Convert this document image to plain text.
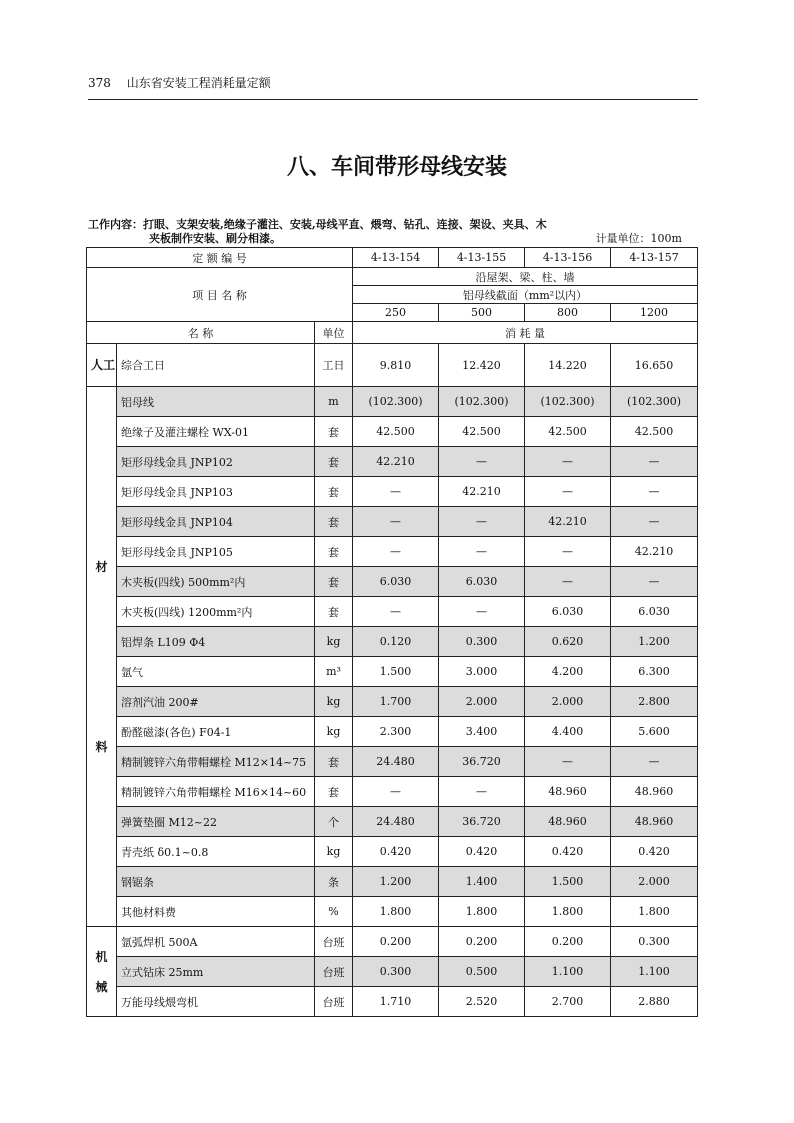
378 山东省安装工程消耗量定额
八、车间带形母线安装
工作内容：打眼、支架安装,绝缘子灌注、安装,母线平直、煨弯、钻孔、连接、架设、夹具、木
夹板制作安装、刷分相漆。	计量单位：100m
定 额 编 号			4-13-154	4-13-155	4-13-156	4-13-157
项 目 名 称			沿屋架、梁、柱、墙			
			铝母线截面（mm²以内）			
			250	500	800	1200
名 称		单位	消 耗 量			
人工	综合工日	工日	9.810	12.420	14.220	16.650

材
料	铝母线	m	(102.300)	(102.300)	(102.300)	(102.300)
	绝缘子及灌注螺栓 WX-01	套	42.500	42.500	42.500	42.500
	矩形母线金具 JNP102	套	42.210	—	—	—
	矩形母线金具 JNP103	套	—	42.210	—	—
	矩形母线金具 JNP104	套	—	—	42.210	—
	矩形母线金具 JNP105	套	—	—	—	42.210
	木夹板(四线) 500mm²内	套	6.030	6.030	—	—
	木夹板(四线) 1200mm²内	套	—	—	6.030	6.030
	铝焊条 L109 Φ4	kg	0.120	0.300	0.620	1.200
	氩气	m³	1.500	3.000	4.200	6.300
	溶剂汽油 200#	kg	1.700	2.000	2.000	2.800
	酚醛磁漆(各色) F04-1	kg	2.300	3.400	4.400	5.600
	精制镀锌六角带帽螺栓 M12×14~75	套	24.480	36.720	—	—
	精制镀锌六角带帽螺栓 M16×14~60	套	—	—	48.960	48.960
	弹簧垫圈 M12~22	个	24.480	36.720	48.960	48.960
	青壳纸 δ0.1~0.8	kg	0.420	0.420	0.420	0.420
	钢锯条	条	1.200	1.400	1.500	2.000
	其他材料费	%	1.800	1.800	1.800	1.800

机
械	氩弧焊机 500A	台班	0.200	0.200	0.200	0.300
	立式钻床 25mm	台班	0.300	0.500	1.100	1.100
	万能母线煨弯机	台班	1.710	2.520	2.700	2.880
